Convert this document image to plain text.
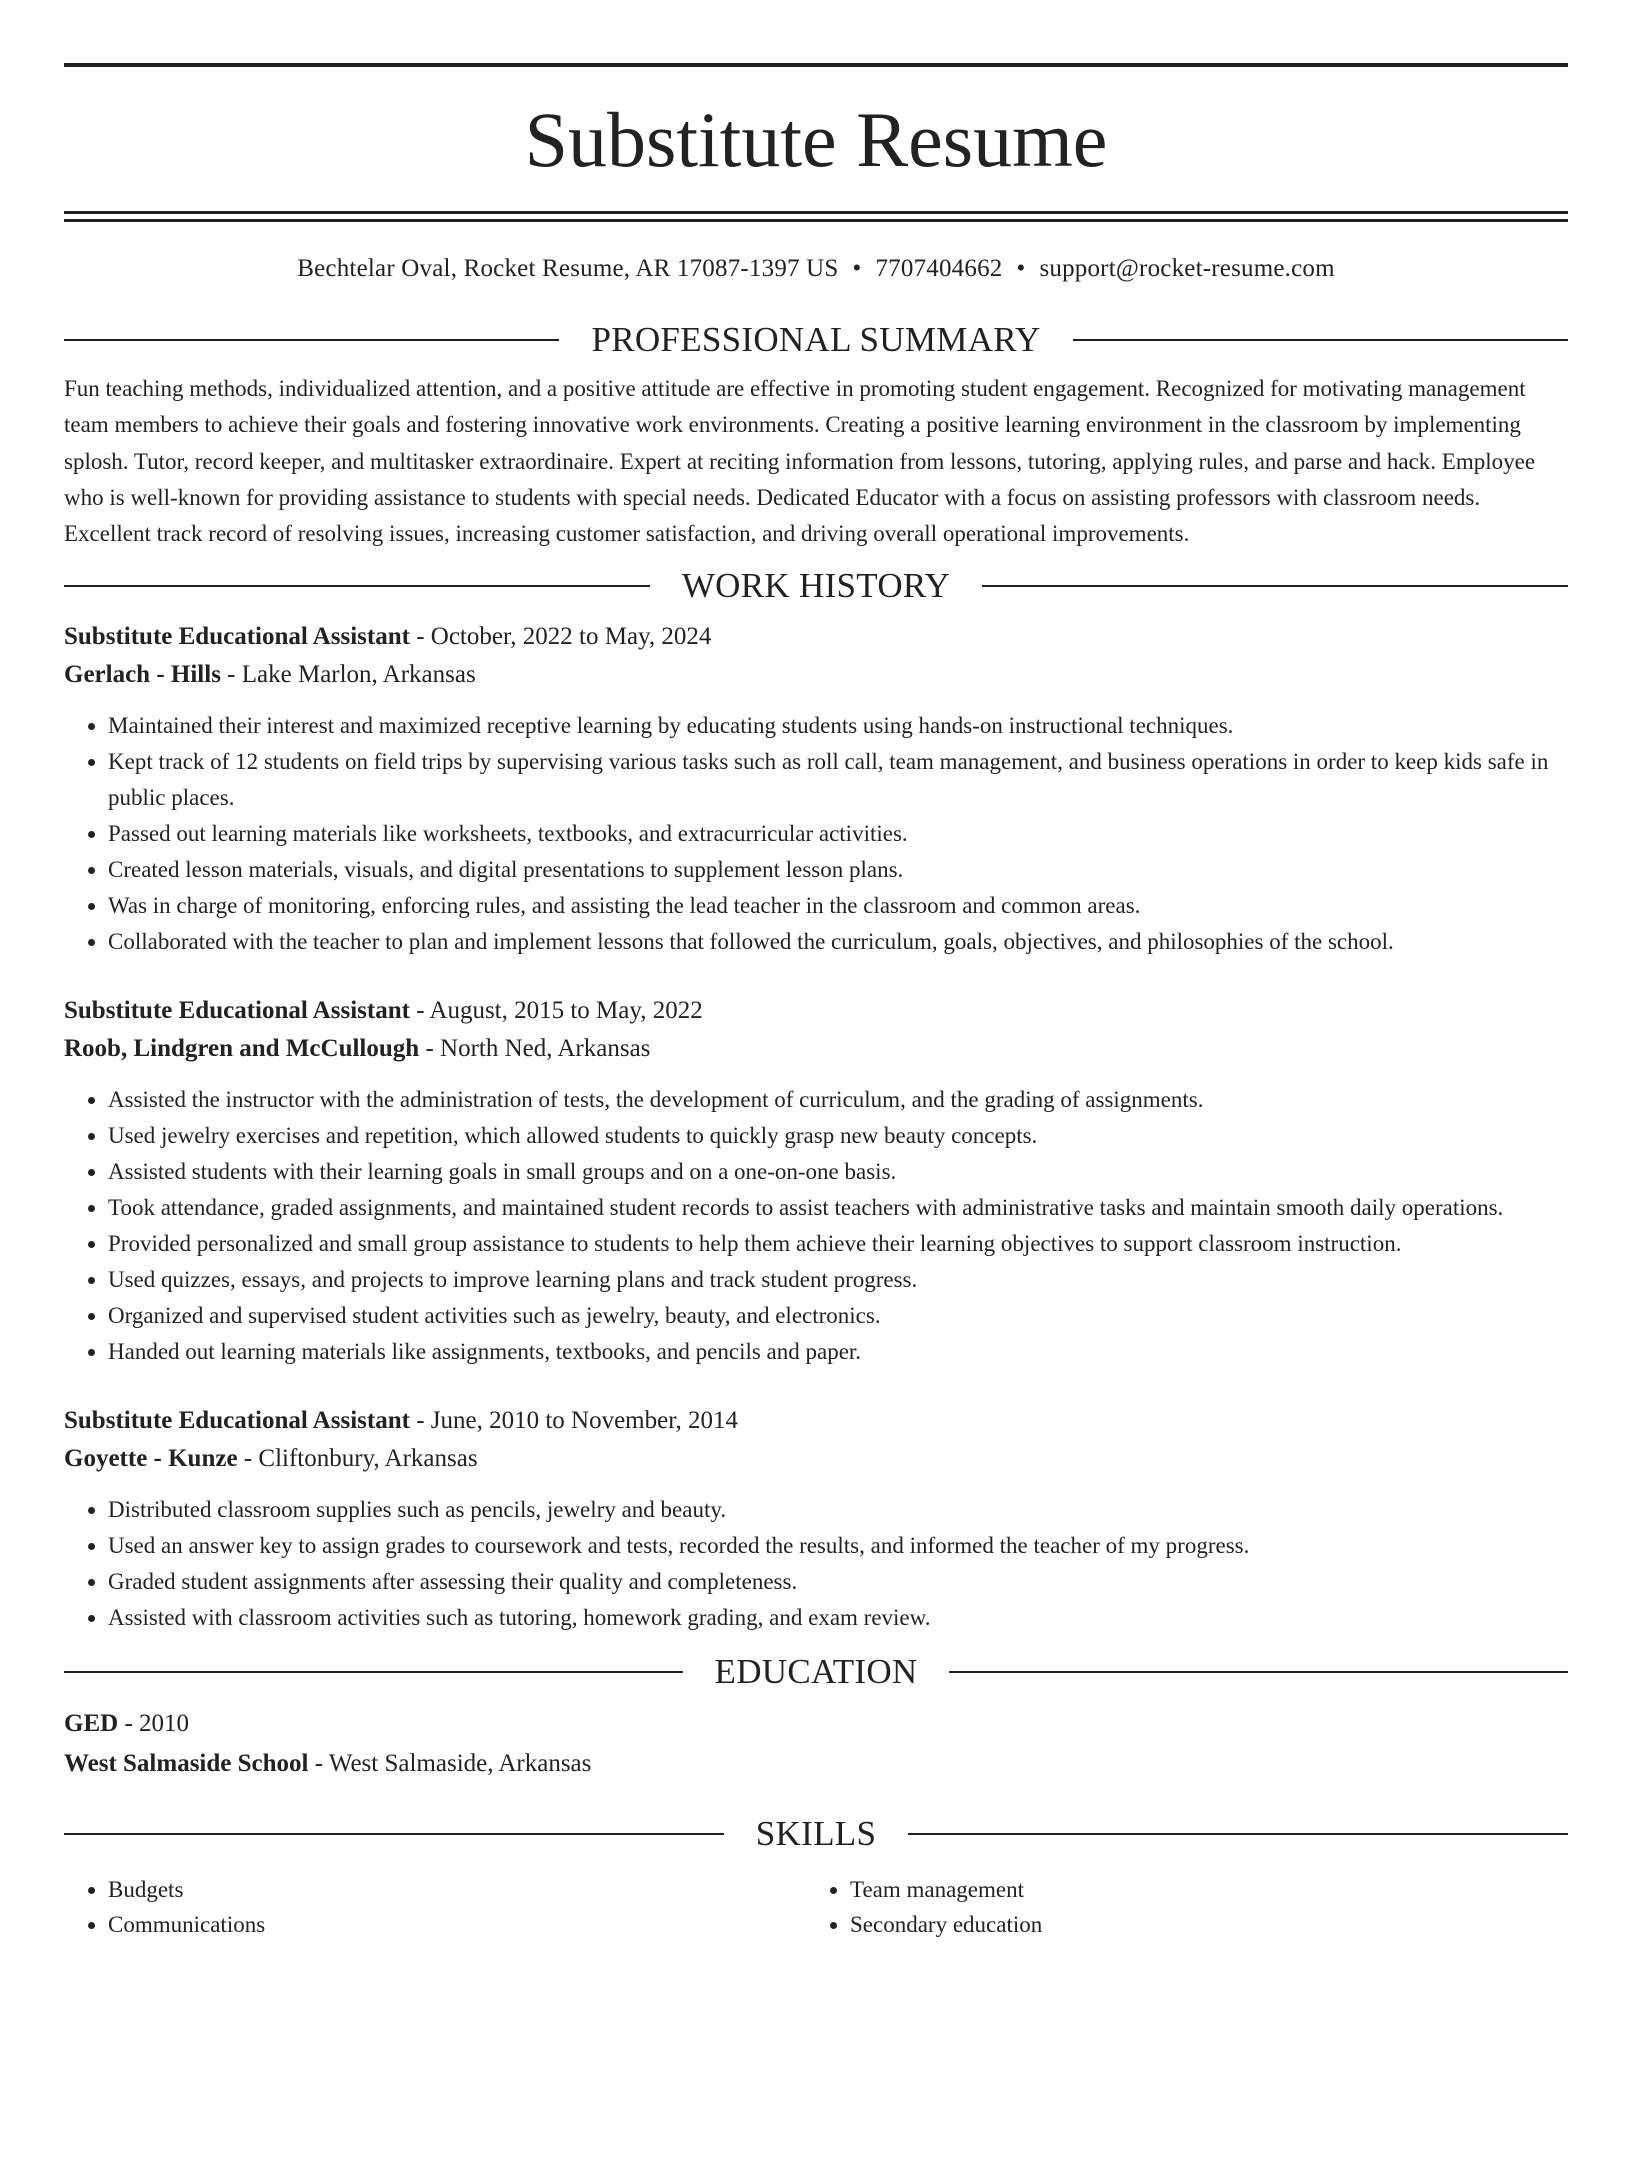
Substitute Resume
Bechtelar Oval, Rocket Resume, AR 17087-1397 US • 7707404662 • support@rocket-resume.com
PROFESSIONAL SUMMARY
Fun teaching methods, individualized attention, and a positive attitude are effective in promoting student engagement. Recognized for motivating management team members to achieve their goals and fostering innovative work environments. Creating a positive learning environment in the classroom by implementing splosh. Tutor, record keeper, and multitasker extraordinaire. Expert at reciting information from lessons, tutoring, applying rules, and parse and hack. Employee who is well-known for providing assistance to students with special needs. Dedicated Educator with a focus on assisting professors with classroom needs. Excellent track record of resolving issues, increasing customer satisfaction, and driving overall operational improvements.
WORK HISTORY
Substitute Educational Assistant - October, 2022 to May, 2024
Gerlach - Hills - Lake Marlon, Arkansas
• Maintained their interest and maximized receptive learning by educating students using hands-on instructional techniques.
• Kept track of 12 students on field trips by supervising various tasks such as roll call, team management, and business operations in order to keep kids safe in public places.
• Passed out learning materials like worksheets, textbooks, and extracurricular activities.
• Created lesson materials, visuals, and digital presentations to supplement lesson plans.
• Was in charge of monitoring, enforcing rules, and assisting the lead teacher in the classroom and common areas.
• Collaborated with the teacher to plan and implement lessons that followed the curriculum, goals, objectives, and philosophies of the school.
Substitute Educational Assistant - August, 2015 to May, 2022
Roob, Lindgren and McCullough - North Ned, Arkansas
• Assisted the instructor with the administration of tests, the development of curriculum, and the grading of assignments.
• Used jewelry exercises and repetition, which allowed students to quickly grasp new beauty concepts.
• Assisted students with their learning goals in small groups and on a one-on-one basis.
• Took attendance, graded assignments, and maintained student records to assist teachers with administrative tasks and maintain smooth daily operations.
• Provided personalized and small group assistance to students to help them achieve their learning objectives to support classroom instruction.
• Used quizzes, essays, and projects to improve learning plans and track student progress.
• Organized and supervised student activities such as jewelry, beauty, and electronics.
• Handed out learning materials like assignments, textbooks, and pencils and paper.
Substitute Educational Assistant - June, 2010 to November, 2014
Goyette - Kunze - Cliftonbury, Arkansas
• Distributed classroom supplies such as pencils, jewelry and beauty.
• Used an answer key to assign grades to coursework and tests, recorded the results, and informed the teacher of my progress.
• Graded student assignments after assessing their quality and completeness.
• Assisted with classroom activities such as tutoring, homework grading, and exam review.
EDUCATION
GED - 2010
West Salmaside School - West Salmaside, Arkansas
SKILLS
• Budgets
• Communications
• Team management
• Secondary education
